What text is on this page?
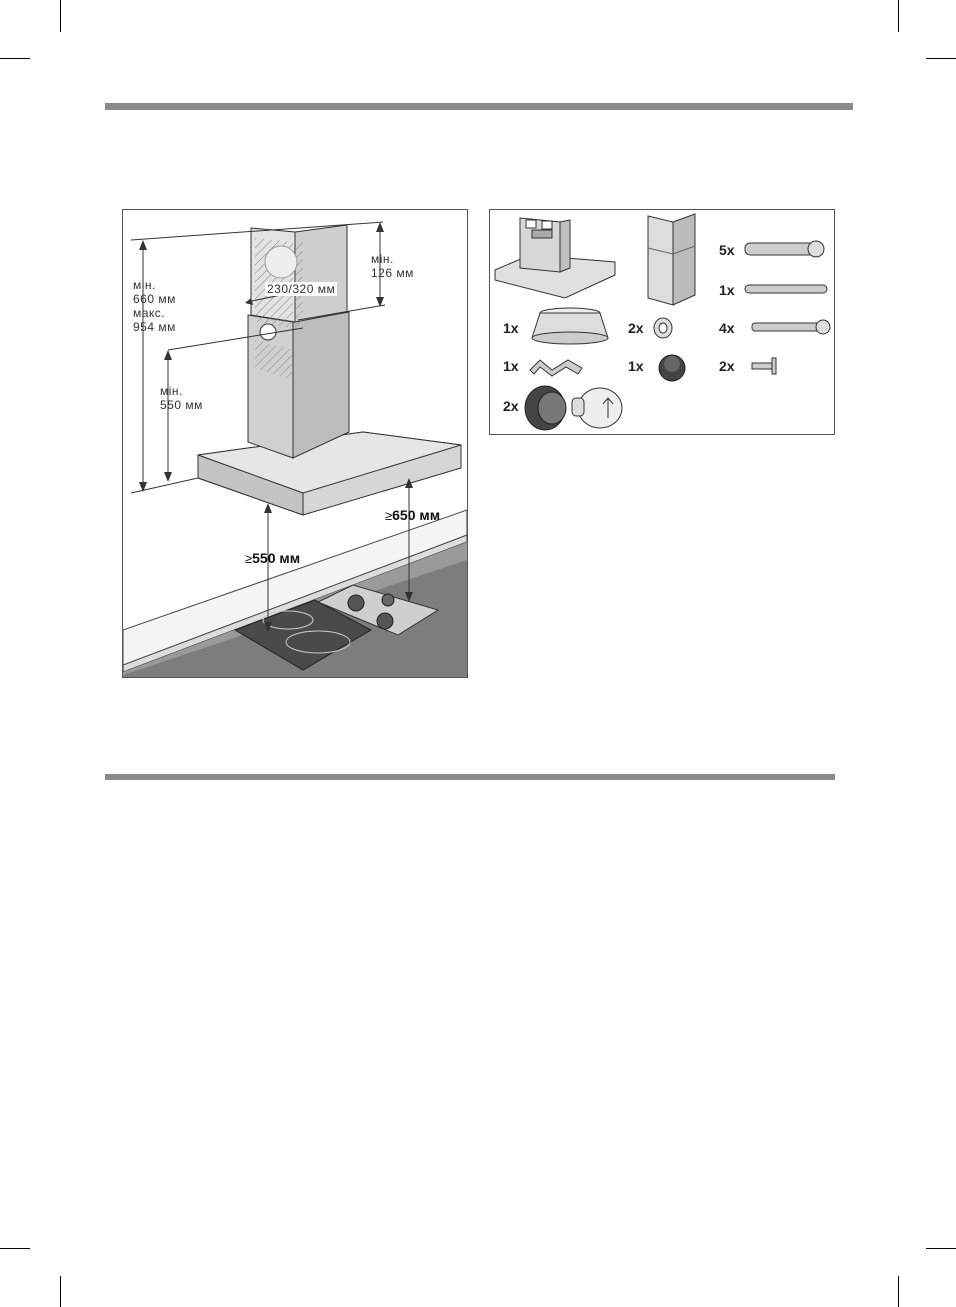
мін.
660 мм
макс.
954 мм
мін.
126 мм
230/320 мм
мін.
550 мм
≥550 мм
≥650 мм
5x
1x
1x	2x	4x
1x	1x	2x
2x
